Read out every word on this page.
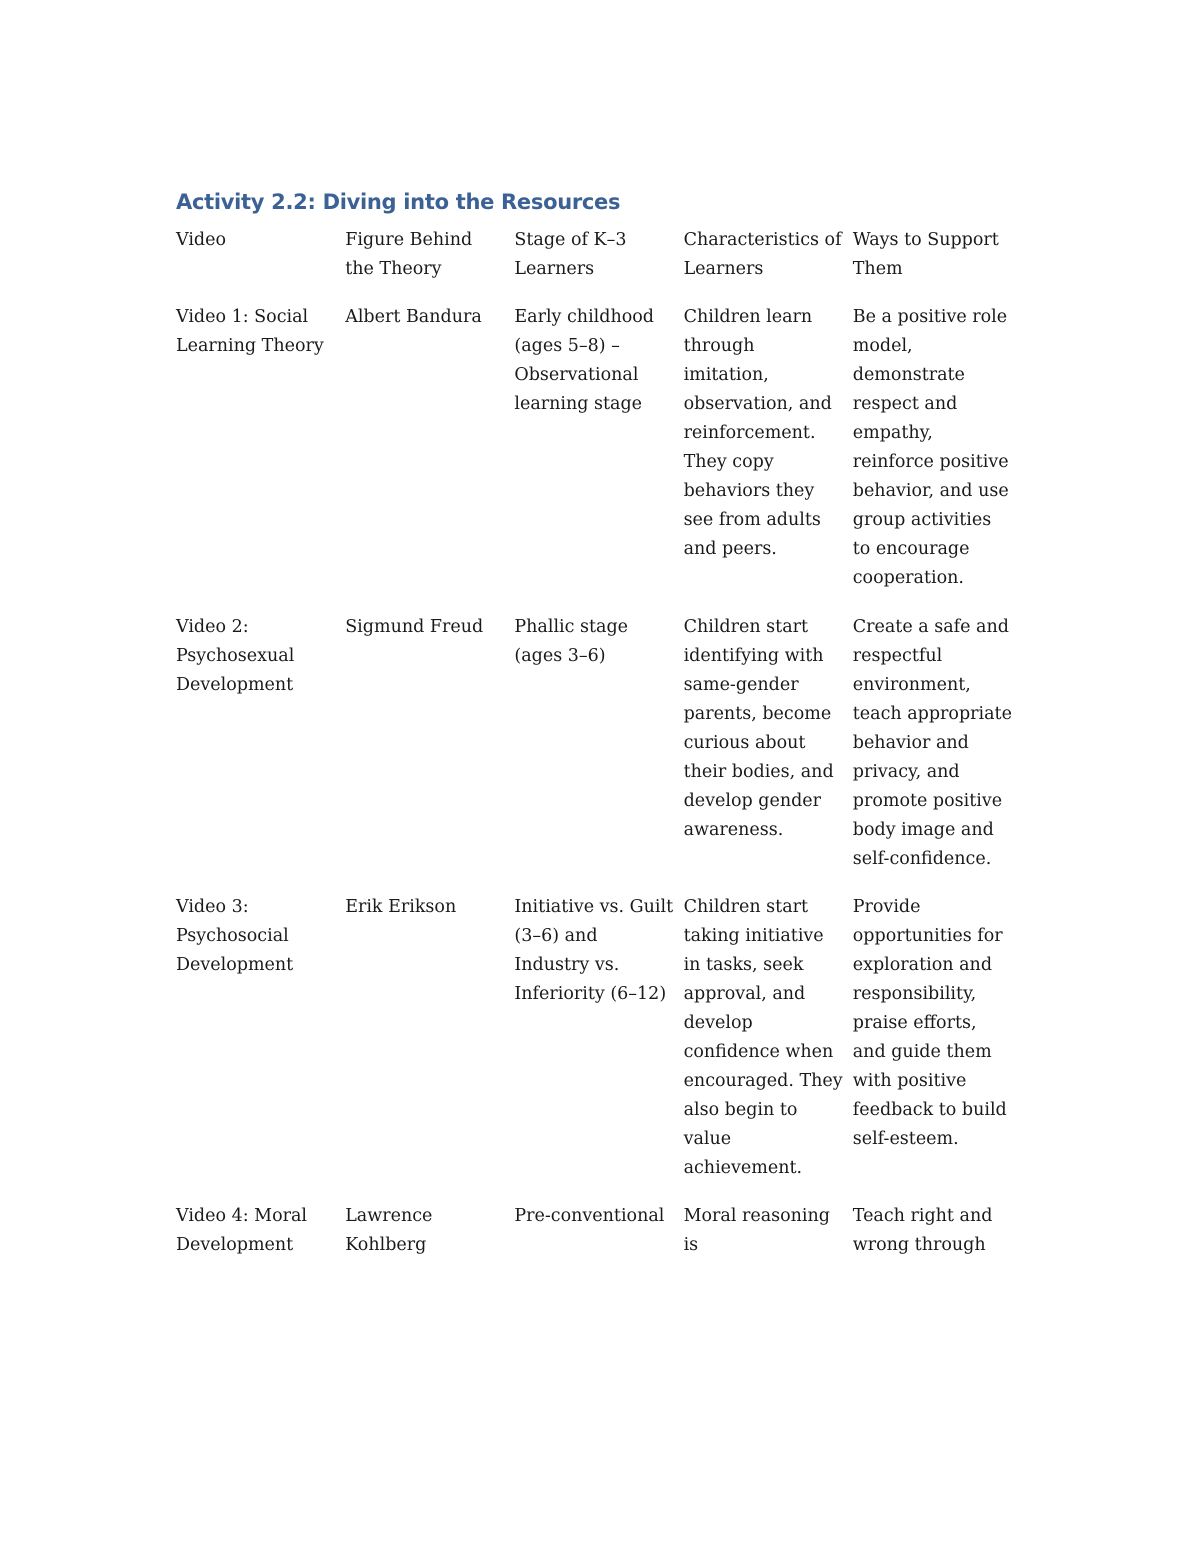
Activity 2.2: Diving into the Resources
Video	Figure Behind the Theory	Stage of K–3 Learners	Characteristics of Learners	Ways to Support Them
Video 1: Social Learning Theory	Albert Bandura	Early childhood (ages 5–8) – Observational learning stage	Children learn through imitation, observation, and reinforcement. They copy behaviors they see from adults and peers.	Be a positive role model, demonstrate respect and empathy, reinforce positive behavior, and use group activities to encourage cooperation.
Video 2: Psychosexual Development	Sigmund Freud	Phallic stage (ages 3–6)	Children start identifying with same-gender parents, become curious about their bodies, and develop gender awareness.	Create a safe and respectful environment, teach appropriate behavior and privacy, and promote positive body image and self-confidence.
Video 3: Psychosocial Development	Erik Erikson	Initiative vs. Guilt (3–6) and Industry vs. Inferiority (6–12)	Children start taking initiative in tasks, seek approval, and develop confidence when encouraged. They also begin to value achievement.	Provide opportunities for exploration and responsibility, praise efforts, and guide them with positive feedback to build self-esteem.
Video 4: Moral Development	Lawrence Kohlberg	Pre-conventional	Moral reasoning is	Teach right and wrong through
